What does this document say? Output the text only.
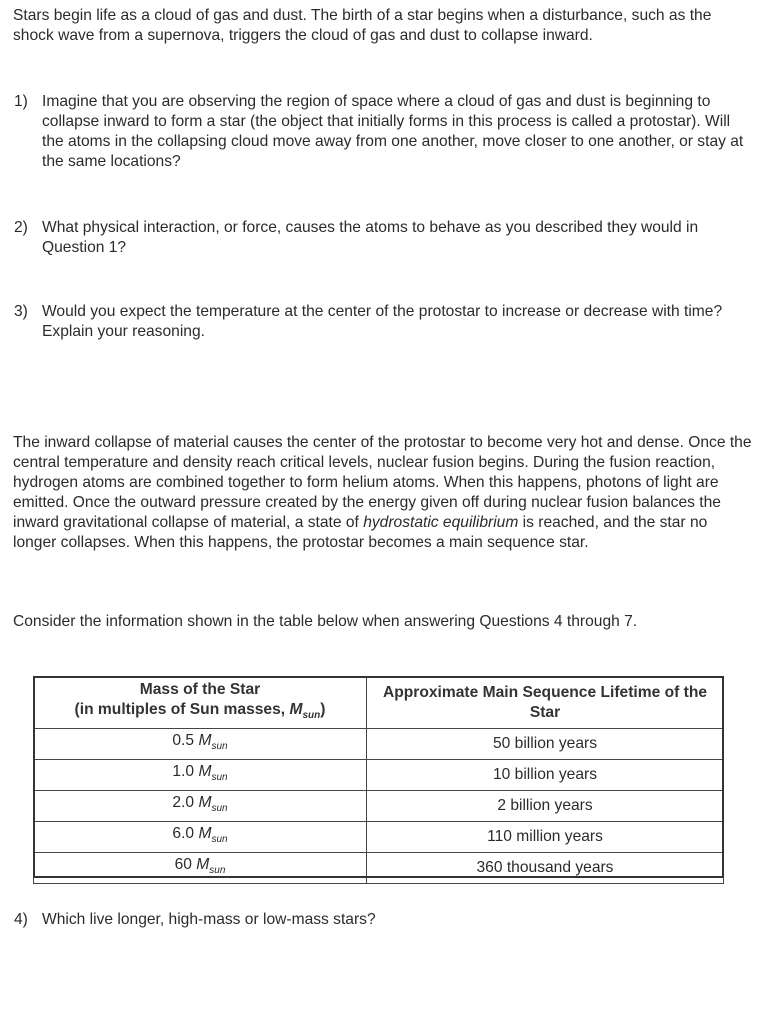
Stars begin life as a cloud of gas and dust. The birth of a star begins when a disturbance, such as the shock wave from a supernova, triggers the cloud of gas and dust to collapse inward.

1) Imagine that you are observing the region of space where a cloud of gas and dust is beginning to collapse inward to form a star (the object that initially forms in this process is called a protostar). Will the atoms in the collapsing cloud move away from one another, move closer to one another, or stay at the same locations?
2) What physical interaction, or force, causes the atoms to behave as you described they would in Question 1?
3) Would you expect the temperature at the center of the protostar to increase or decrease with time? Explain your reasoning.

The inward collapse of material causes the center of the protostar to become very hot and dense. Once the central temperature and density reach critical levels, nuclear fusion begins. During the fusion reaction, hydrogen atoms are combined together to form helium atoms. When this happens, photons of light are emitted. Once the outward pressure created by the energy given off during nuclear fusion balances the inward gravitational collapse of material, a state of hydrostatic equilibrium is reached, and the star no longer collapses. When this happens, the protostar becomes a main sequence star.

Consider the information shown in the table below when answering Questions 4 through 7.

Mass of the Star
(in multiples of Sun masses, $M_{sun}$)	Approximate Main Sequence Lifetime of the Star
0.5 $M_{sun}$	50 billion years
1.0 $M_{sun}$	10 billion years
2.0 $M_{sun}$	2 billion years
6.0 $M_{sun}$	110 million years
60 $M_{sun}$	360 thousand years
4) Which live longer, high-mass or low-mass stars?
